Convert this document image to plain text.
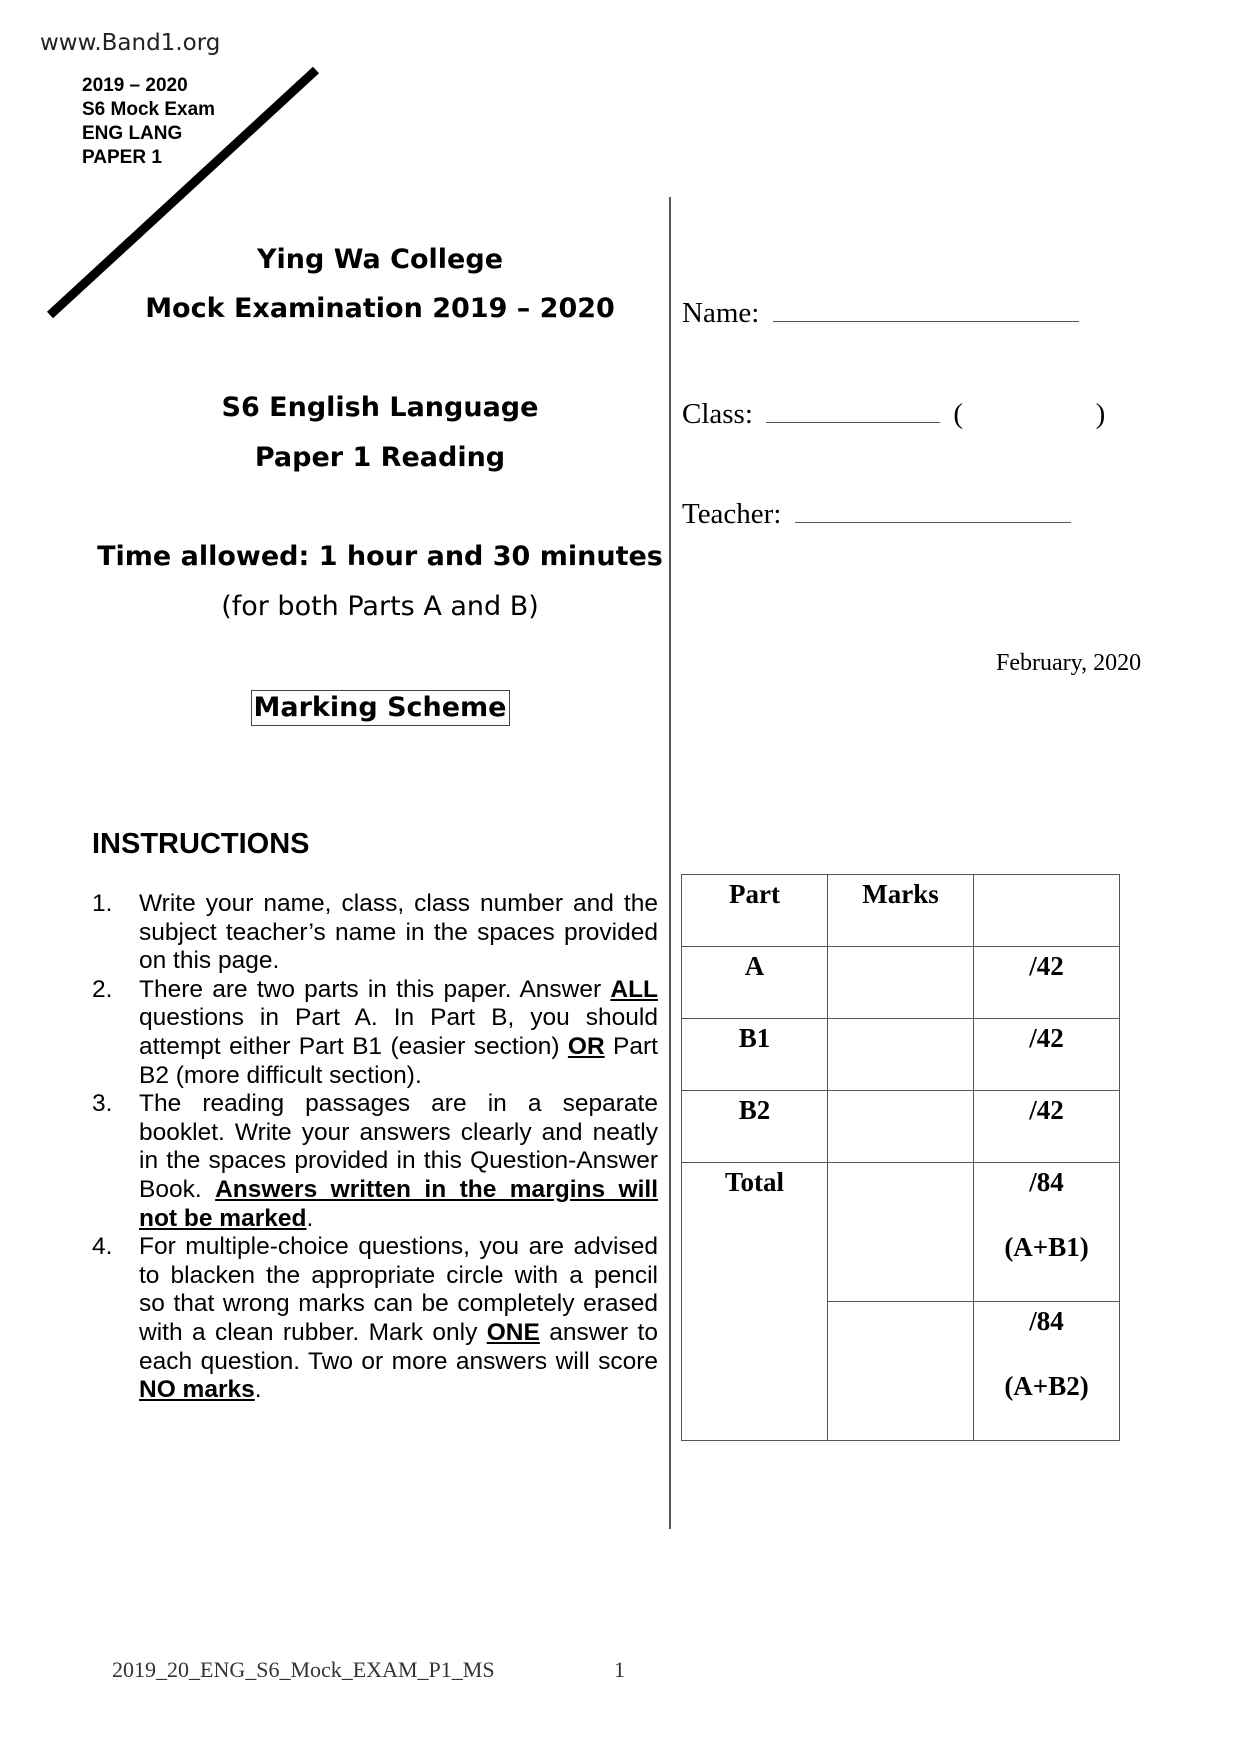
www.Band1.org
2019 – 2020
S6 Mock Exam
ENG LANG
PAPER 1
Ying Wa College
Mock Examination 2019 – 2020
S6 English Language
Paper 1 Reading
Time allowed: 1 hour and 30 minutes
(for both Parts A and B)
Marking Scheme
Name:
Class:	(	)
Teacher:
February, 2020
INSTRUCTIONS
1. Write your name, class, class number and the subject teacher’s name in the spaces provided on this page.
2. There are two parts in this paper. Answer ALL questions in Part A. In Part B, you should attempt either Part B1 (easier section) OR Part B2 (more difficult section).
3. The reading passages are in a separate booklet. Write your answers clearly and neatly in the spaces provided in this Question-Answer Book. Answers written in the margins will not be marked.
4. For multiple-choice questions, you are advised to blacken the appropriate circle with a pencil so that wrong marks can be completely erased with a clean rubber. Mark only ONE answer to each question. Two or more answers will score NO marks.
Part	Marks	
A		/42
B1		/42
B2		/42
Total		/84
(A+B1)

		/84
(A+B2)
2019_20_ENG_S6_Mock_EXAM_P1_MS	1
